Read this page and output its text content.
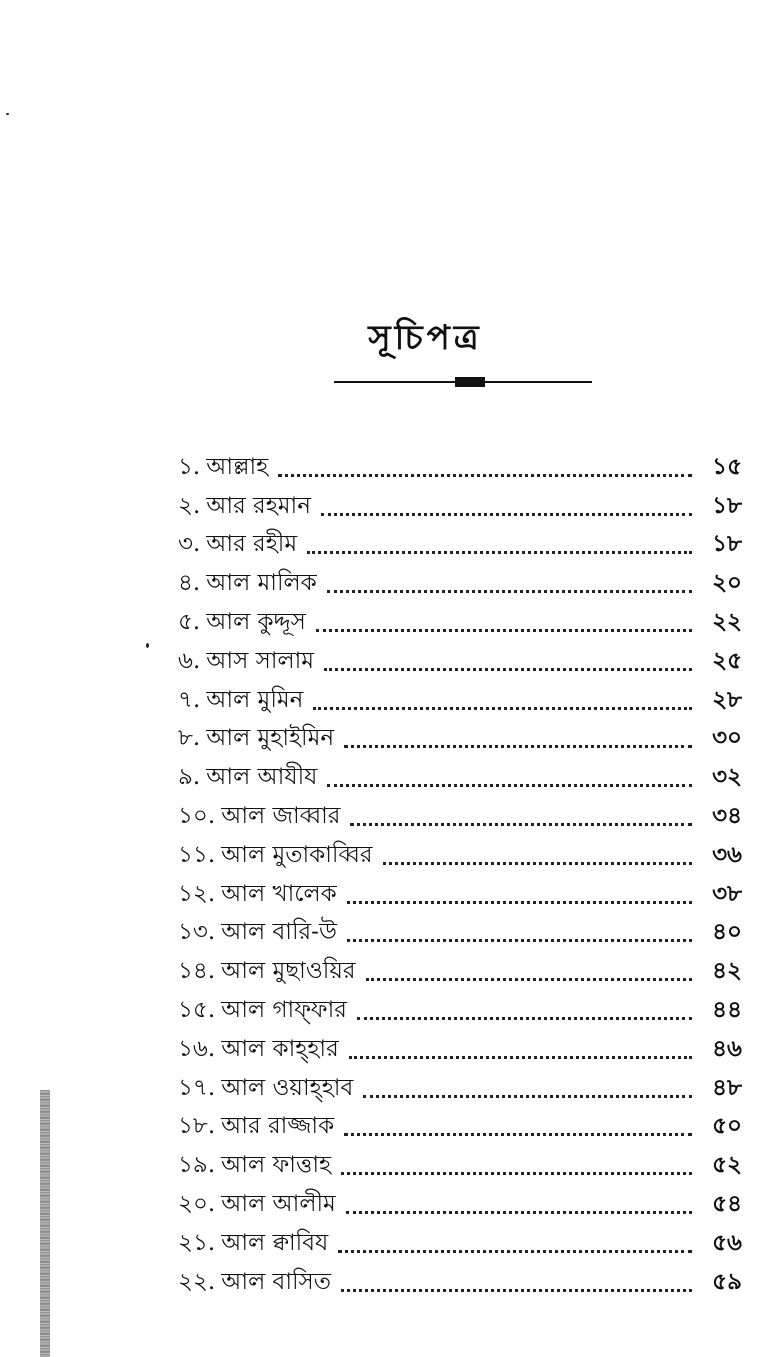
সূচিপত্র
১. আল্লাহ	১৫
২. আর রহমান	১৮
৩. আর রহীম	১৮
৪. আল মালিক	২০
৫. আল কুদ্দূস	২২
৬. আস সালাম	২৫
৭. আল মুমিন	২৮
৮. আল মুহাইমিন	৩০
৯. আল আযীয	৩২
১০. আল জাব্বার	৩৪
১১. আল মুতাকাব্বির	৩৬
১২. আল খালেক	৩৮
১৩. আল বারি-উ	৪০
১৪. আল মুছাওয়ির	৪২
১৫. আল গাফ্ফার	৪৪
১৬. আল কাহ্হার	৪৬
১৭. আল ওয়াহ্হাব	৪৮
১৮. আর রাজ্জাক	৫০
১৯. আল ফাত্তাহ	৫২
২০. আল আলীম	৫৪
২১. আল ক্বাবিয	৫৬
২২. আল বাসিত	৫৯
